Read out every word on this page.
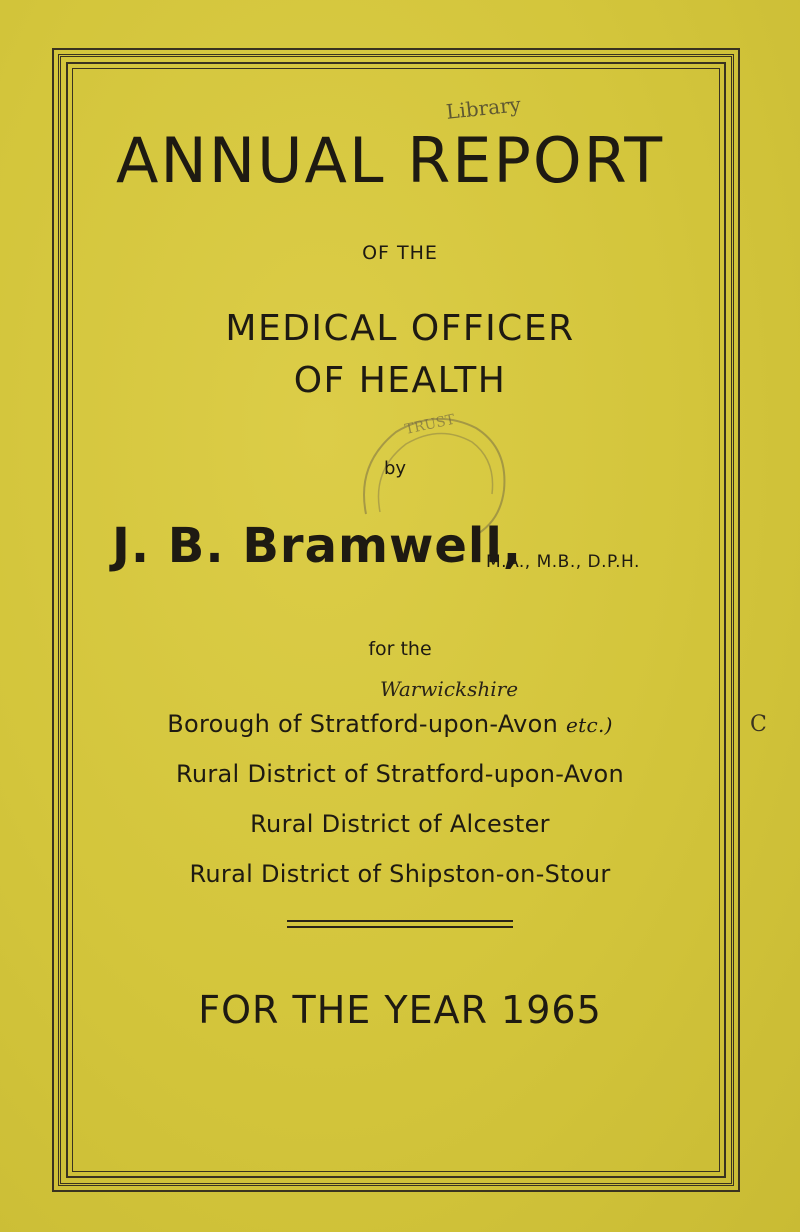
Library
ANNUAL REPORT
OF THE
MEDICAL OFFICER
OF HEALTH
TRUST
by
J. B. Bramwell,
M.A., M.B., D.P.H.
for the
Warwickshire
Borough of Stratford-upon-Avon etc.)
Rural District of Stratford-upon-Avon
Rural District of Alcester
Rural District of Shipston-on-Stour
C
FOR THE YEAR 1965
